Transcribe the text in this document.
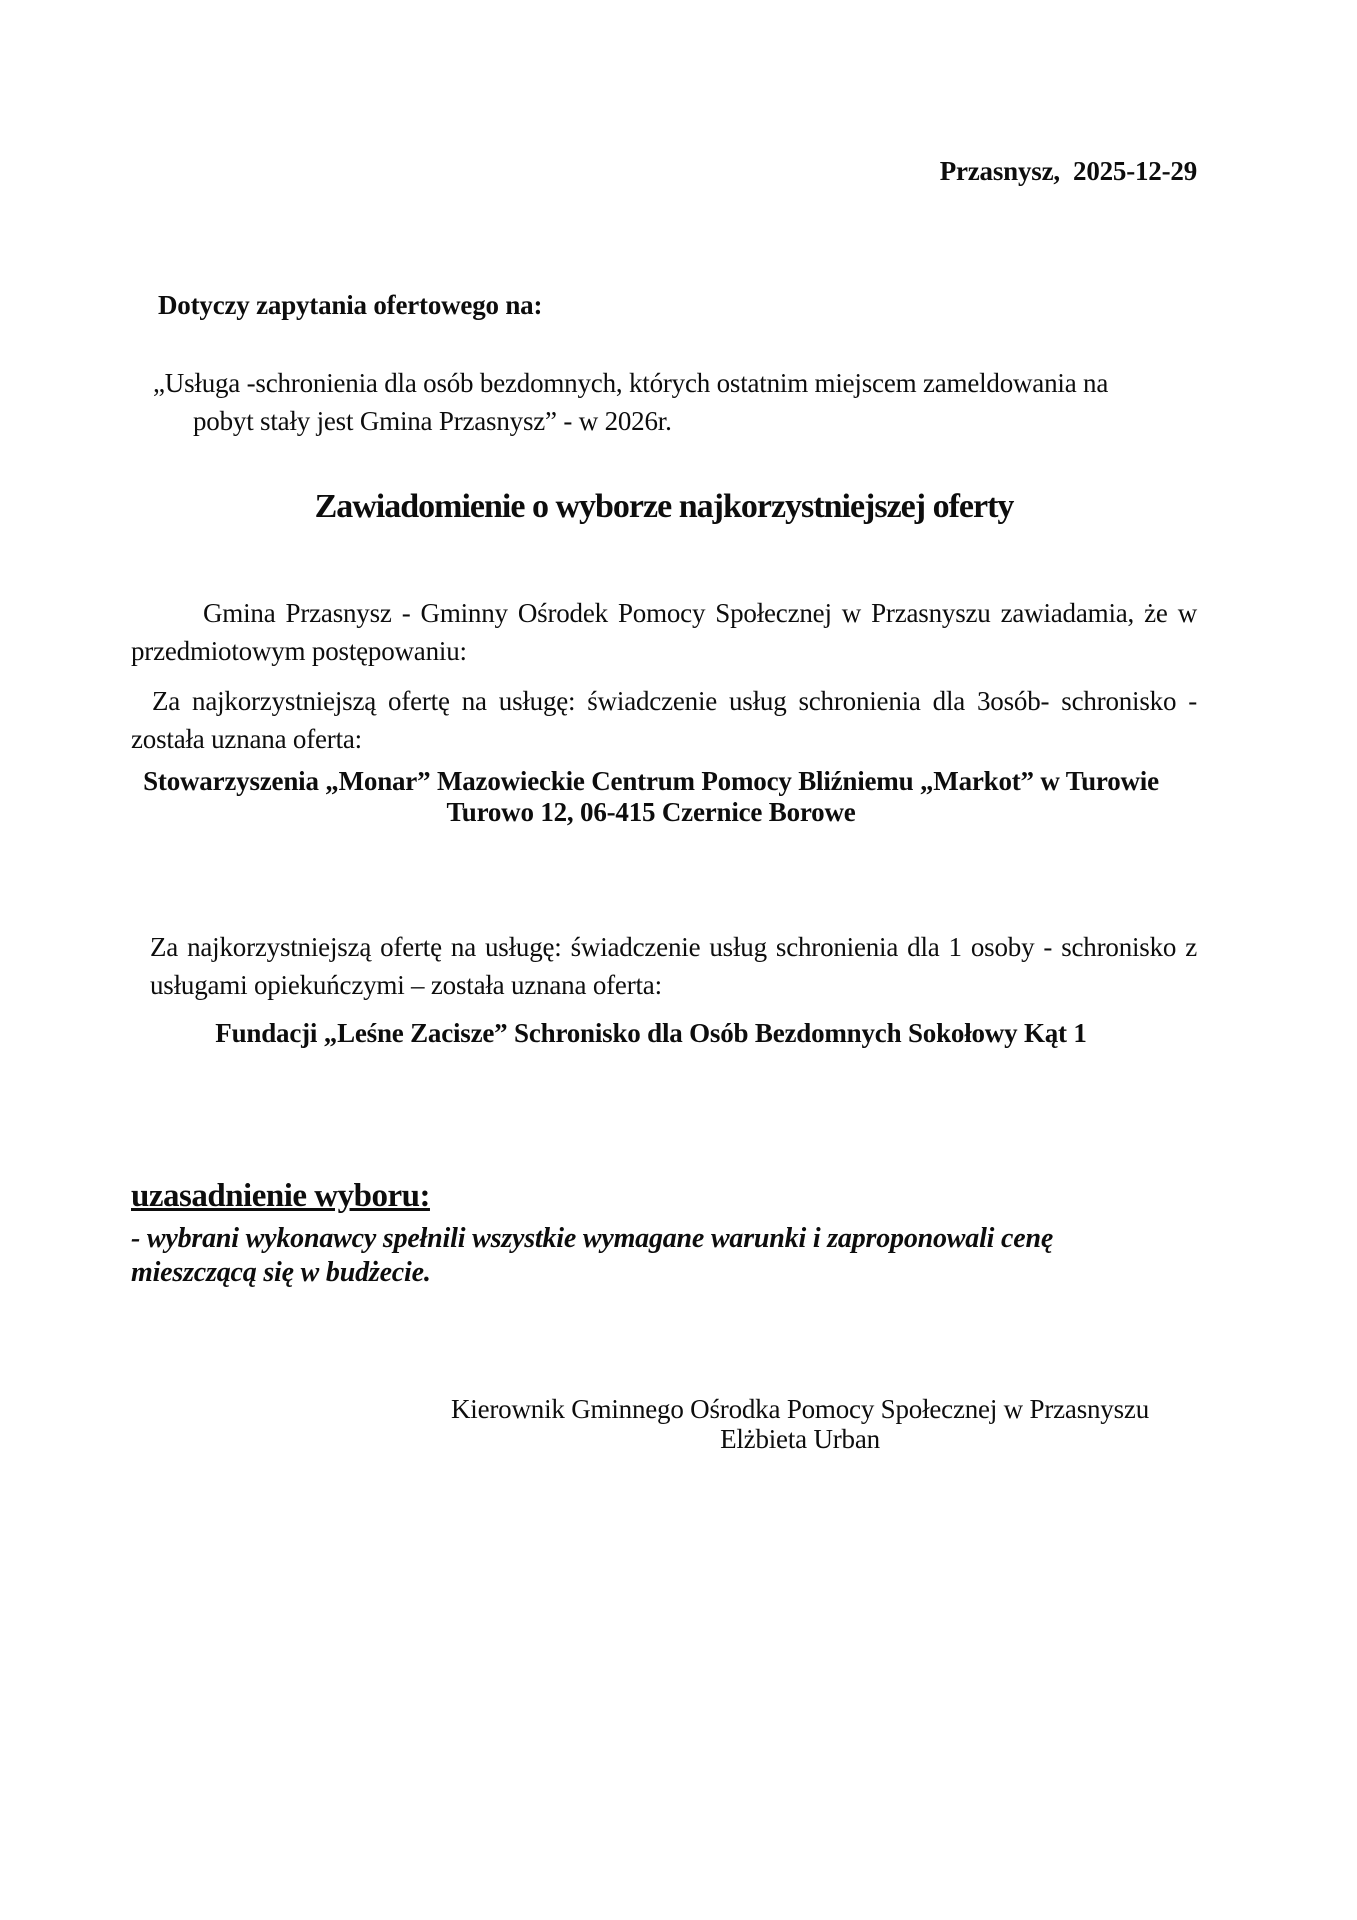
Przasnysz,  2025-12-29
Dotyczy zapytania ofertowego na:
„Usługa -schronienia dla osób bezdomnych, których ostatnim miejscem zameldowania na
pobyt stały jest Gmina Przasnysz” - w 2026r.
Zawiadomienie o wyborze najkorzystniejszej oferty
Gmina Przasnysz - Gminny Ośrodek Pomocy Społecznej w Przasnyszu zawiadamia, że w
przedmiotowym postępowaniu:
Za najkorzystniejszą ofertę na usługę: świadczenie usług schronienia dla 3osób- schronisko -
została uznana oferta:
Stowarzyszenia „Monar” Mazowieckie Centrum Pomocy Bliźniemu „Markot” w Turowie Turowo 12, 06-415 Czernice Borowe
Za najkorzystniejszą ofertę na usługę: świadczenie usług schronienia dla 1 osoby - schronisko z
usługami opiekuńczymi – została uznana oferta:
Fundacji „Leśne Zacisze” Schronisko dla Osób Bezdomnych Sokołowy Kąt 1
uzasadnienie wyboru:
- wybrani wykonawcy spełnili wszystkie wymagane warunki i zaproponowali cenę mieszczącą się w budżecie.
Kierownik Gminnego Ośrodka Pomocy Społecznej w Przasnyszu Elżbieta Urban
